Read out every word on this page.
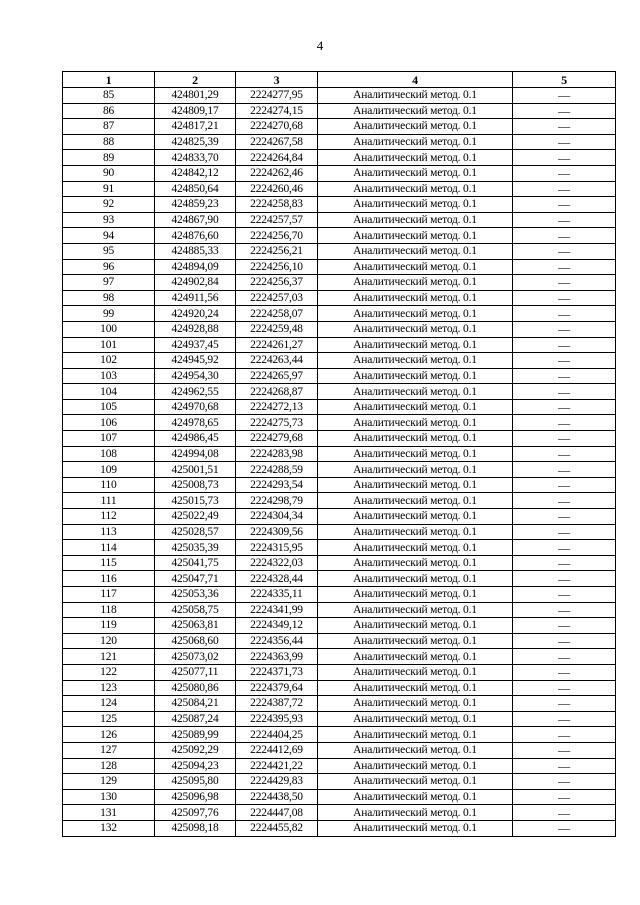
4
1	2	3	4	5
85	424801,29	2224277,95	Аналитический метод. 0.1	—
86	424809,17	2224274,15	Аналитический метод. 0.1	—
87	424817,21	2224270,68	Аналитический метод. 0.1	—
88	424825,39	2224267,58	Аналитический метод. 0.1	—
89	424833,70	2224264,84	Аналитический метод. 0.1	—
90	424842,12	2224262,46	Аналитический метод. 0.1	—
91	424850,64	2224260,46	Аналитический метод. 0.1	—
92	424859,23	2224258,83	Аналитический метод. 0.1	—
93	424867,90	2224257,57	Аналитический метод. 0.1	—
94	424876,60	2224256,70	Аналитический метод. 0.1	—
95	424885,33	2224256,21	Аналитический метод. 0.1	—
96	424894,09	2224256,10	Аналитический метод. 0.1	—
97	424902,84	2224256,37	Аналитический метод. 0.1	—
98	424911,56	2224257,03	Аналитический метод. 0.1	—
99	424920,24	2224258,07	Аналитический метод. 0.1	—
100	424928,88	2224259,48	Аналитический метод. 0.1	—
101	424937,45	2224261,27	Аналитический метод. 0.1	—
102	424945,92	2224263,44	Аналитический метод. 0.1	—
103	424954,30	2224265,97	Аналитический метод. 0.1	—
104	424962,55	2224268,87	Аналитический метод. 0.1	—
105	424970,68	2224272,13	Аналитический метод. 0.1	—
106	424978,65	2224275,73	Аналитический метод. 0.1	—
107	424986,45	2224279,68	Аналитический метод. 0.1	—
108	424994,08	2224283,98	Аналитический метод. 0.1	—
109	425001,51	2224288,59	Аналитический метод. 0.1	—
110	425008,73	2224293,54	Аналитический метод. 0.1	—
111	425015,73	2224298,79	Аналитический метод. 0.1	—
112	425022,49	2224304,34	Аналитический метод. 0.1	—
113	425028,57	2224309,56	Аналитический метод. 0.1	—
114	425035,39	2224315,95	Аналитический метод. 0.1	—
115	425041,75	2224322,03	Аналитический метод. 0.1	—
116	425047,71	2224328,44	Аналитический метод. 0.1	—
117	425053,36	2224335,11	Аналитический метод. 0.1	—
118	425058,75	2224341,99	Аналитический метод. 0.1	—
119	425063,81	2224349,12	Аналитический метод. 0.1	—
120	425068,60	2224356,44	Аналитический метод. 0.1	—
121	425073,02	2224363,99	Аналитический метод. 0.1	—
122	425077,11	2224371,73	Аналитический метод. 0.1	—
123	425080,86	2224379,64	Аналитический метод. 0.1	—
124	425084,21	2224387,72	Аналитический метод. 0.1	—
125	425087,24	2224395,93	Аналитический метод. 0.1	—
126	425089,99	2224404,25	Аналитический метод. 0.1	—
127	425092,29	2224412,69	Аналитический метод. 0.1	—
128	425094,23	2224421,22	Аналитический метод. 0.1	—
129	425095,80	2224429,83	Аналитический метод. 0.1	—
130	425096,98	2224438,50	Аналитический метод. 0.1	—
131	425097,76	2224447,08	Аналитический метод. 0.1	—
132	425098,18	2224455,82	Аналитический метод. 0.1	—
